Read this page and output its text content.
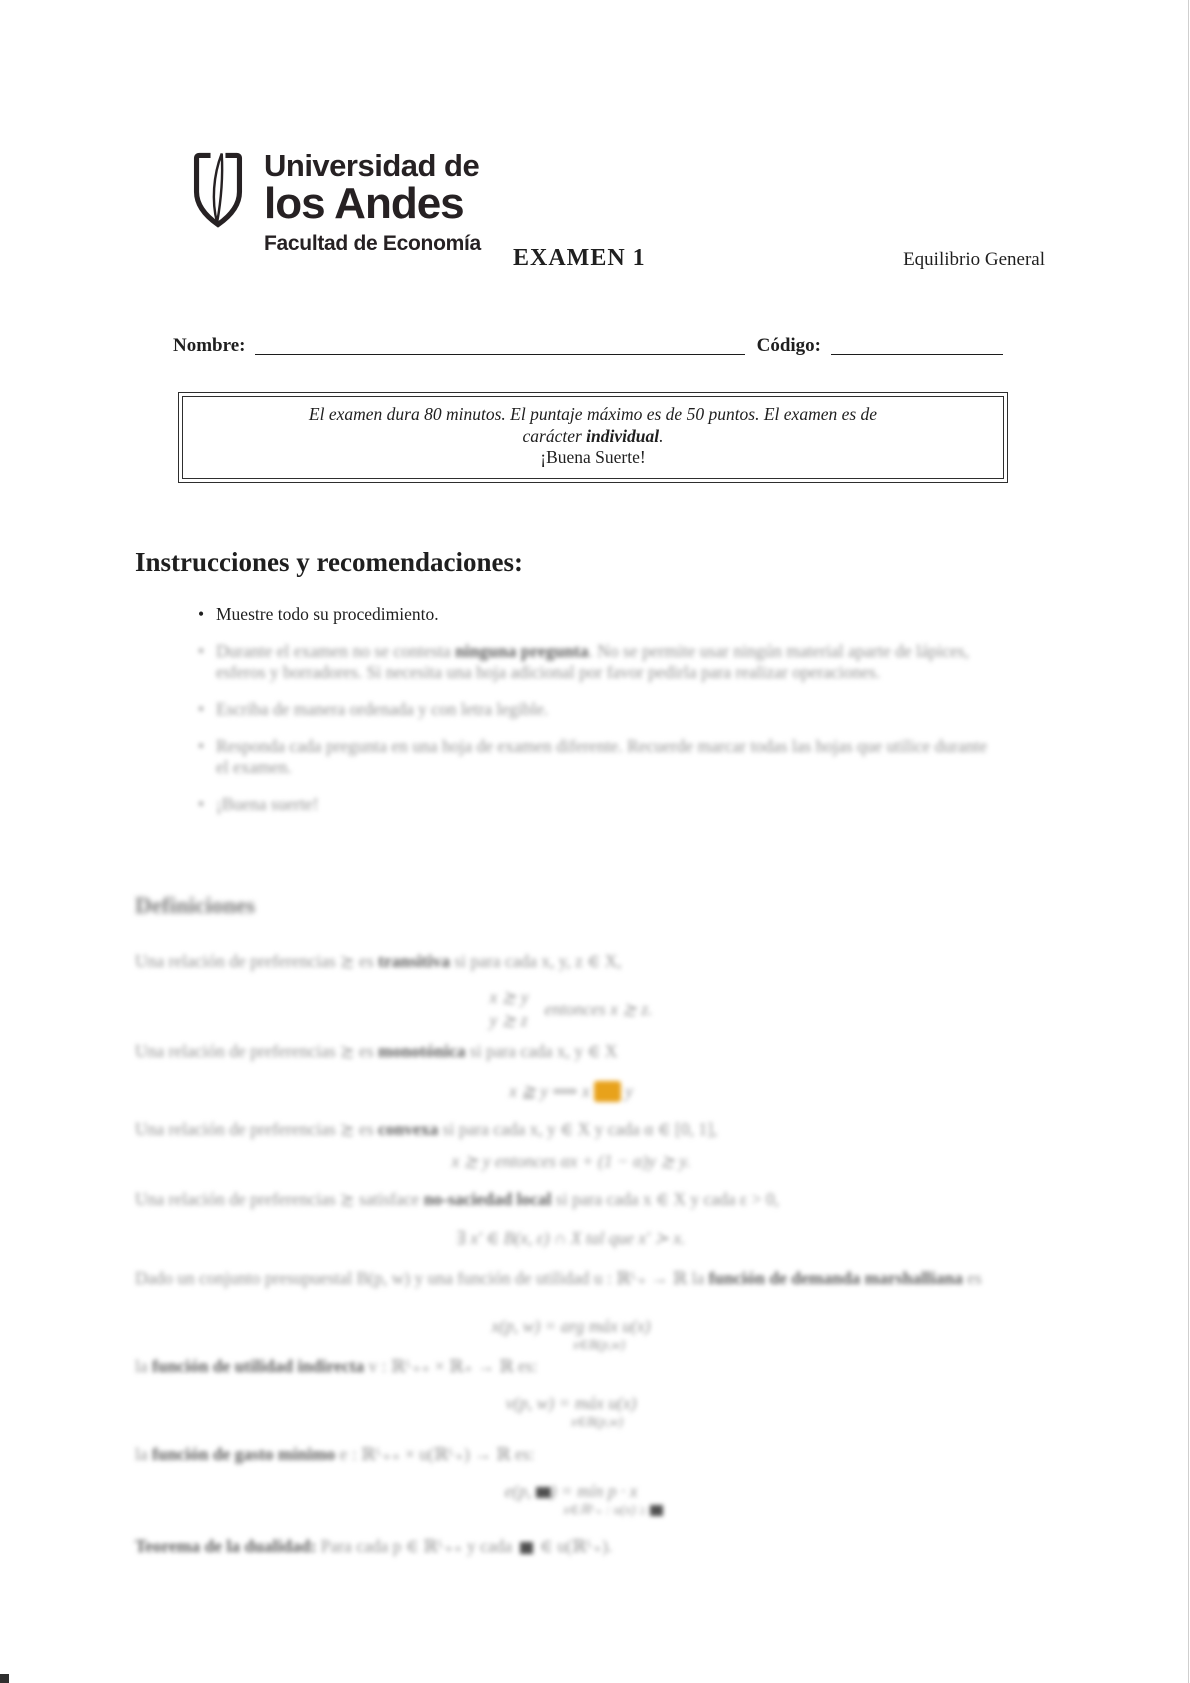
Universidad de
los Andes
Facultad de Economía
EXAMEN 1	Equilibrio General
Nombre:	Código:
El examen dura 80 minutos. El puntaje máximo es de 50 puntos. El examen es de
carácter individual.
¡Buena Suerte!
Instrucciones y recomendaciones:
• Muestre todo su procedimiento.
• Durante el examen no se contesta ninguna pregunta. No se permite usar ningún material aparte de lápices, esferos y borradores. Si necesita una hoja adicional por favor pedirla para realizar operaciones.
• Escriba de manera ordenada y con letra legible.
• Responda cada pregunta en una hoja de examen diferente. Recuerde marcar todas las hojas que utilice durante el examen.
• ¡Buena suerte!
Definiciones
Una relación de preferencias ≿ es transitiva si para cada x, y, z ∈ X,
x ≿ y
y ≿ z
entonces x ≿ z.
Una relación de preferencias ≿ es monotónica si para cada x, y ∈ X
x ≧ y ⟹ x  y
Una relación de preferencias ≿ es convexa si para cada x, y ∈ X y cada α ∈ [0, 1],
x ≿ y entonces αx + (1 − α)y ≿ y.
Una relación de preferencias ≿ satisface no-saciedad local si para cada x ∈ X y cada ε > 0,
∃ x′ ∈ B(x, ε) ∩ X tal que x′ ≻ x.
Dado un conjunto presupuestal B(p, w) y una función de utilidad u : ℝᴸ₊ → ℝ la función de demanda marshalliana es
x(p, w) = arg máx u(x)
x∈B(p,w)
la función de utilidad indirecta v : ℝᴸ₊₊ × ℝ₊ → ℝ es:
v(p, w) = máx u(x)
x∈B(p,w)
la función de gasto mínimo e : ℝᴸ₊₊ × u(ℝᴸ₊) → ℝ es:
e(p, ) = mín p · x
x∈ℝᴸ₊ : u(x) ≥
Teorema de la dualidad: Para cada p ∈ ℝᴸ₊₊ y cada  ∈ u(ℝᴸ₊).
